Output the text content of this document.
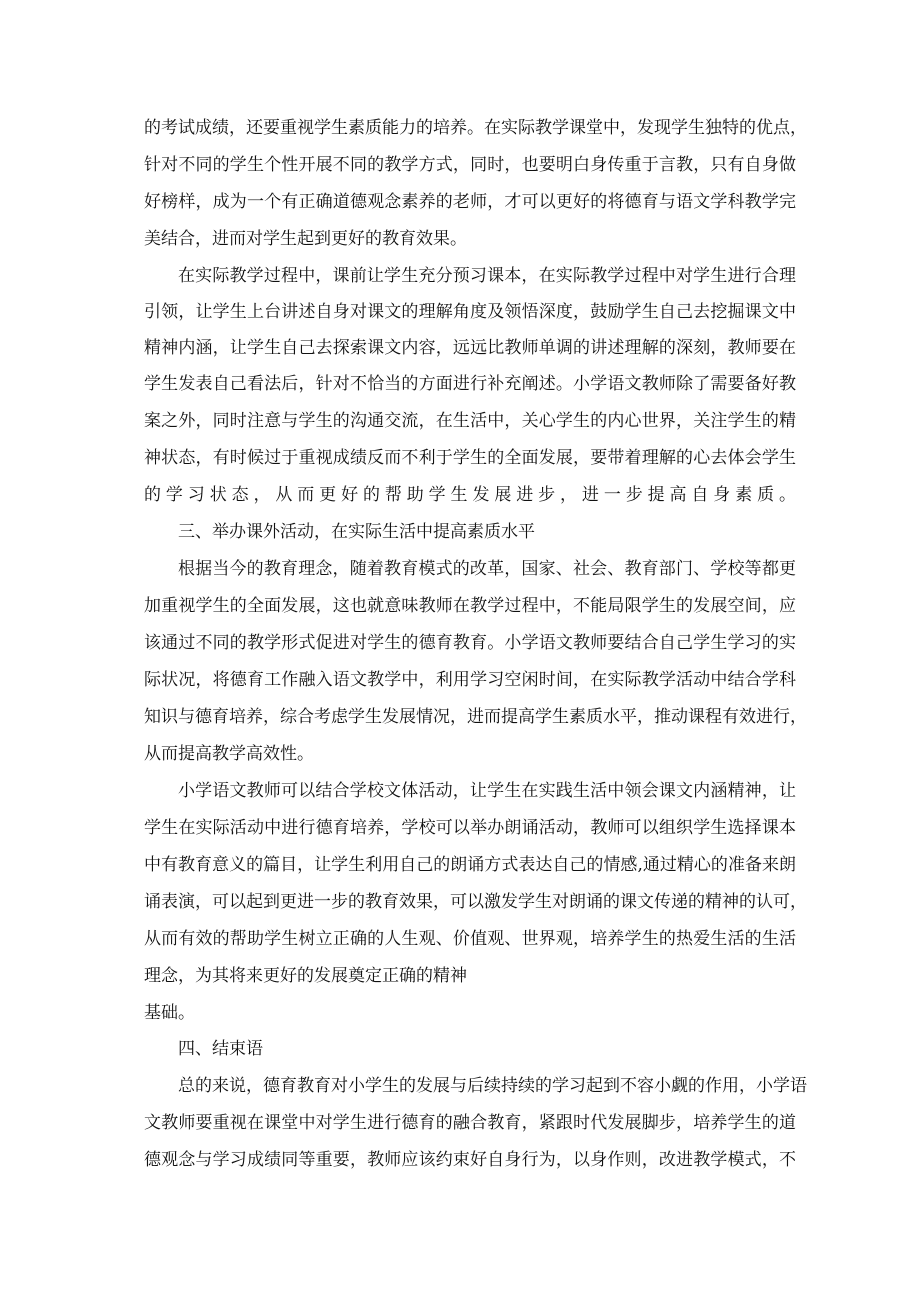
的考试成绩，还要重视学生素质能力的培养。在实际教学课堂中，发现学生独特的优点，
针对不同的学生个性开展不同的教学方式，同时，也要明白身传重于言教，只有自身做
好榜样，成为一个有正确道德观念素养的老师，才可以更好的将德育与语文学科教学完
美结合，进而对学生起到更好的教育效果。
在实际教学过程中，课前让学生充分预习课本，在实际教学过程中对学生进行合理
引领，让学生上台讲述自身对课文的理解角度及领悟深度，鼓励学生自己去挖掘课文中
精神内涵，让学生自己去探索课文内容，远远比教师单调的讲述理解的深刻，教师要在
学生发表自己看法后，针对不恰当的方面进行补充阐述。小学语文教师除了需要备好教
案之外，同时注意与学生的沟通交流，在生活中，关心学生的内心世界，关注学生的精
神状态，有时候过于重视成绩反而不利于学生的全面发展，要带着理解的心去体会学生
的学习状态，从而更好的帮助学生发展进步，进一步提高自身素质。
三、举办课外活动，在实际生活中提高素质水平
根据当今的教育理念，随着教育模式的改革，国家、社会、教育部门、学校等都更
加重视学生的全面发展，这也就意味教师在教学过程中，不能局限学生的发展空间，应
该通过不同的教学形式促进对学生的德育教育。小学语文教师要结合自己学生学习的实
际状况，将德育工作融入语文教学中，利用学习空闲时间，在实际教学活动中结合学科
知识与德育培养，综合考虑学生发展情况，进而提高学生素质水平，推动课程有效进行，
从而提高教学高效性。
小学语文教师可以结合学校文体活动，让学生在实践生活中领会课文内涵精神，让
学生在实际活动中进行德育培养，学校可以举办朗诵活动，教师可以组织学生选择课本
中有教育意义的篇目，让学生利用自己的朗诵方式表达自己的情感,通过精心的准备来朗
诵表演，可以起到更进一步的教育效果，可以激发学生对朗诵的课文传递的精神的认可，
从而有效的帮助学生树立正确的人生观、价值观、世界观，培养学生的热爱生活的生活
理念，为其将来更好的发展奠定正确的精神
基础。
四、结束语
总的来说，德育教育对小学生的发展与后续持续的学习起到不容小觑的作用，小学语
文教师要重视在课堂中对学生进行德育的融合教育，紧跟时代发展脚步，培养学生的道
德观念与学习成绩同等重要，教师应该约束好自身行为，以身作则，改进教学模式，不
